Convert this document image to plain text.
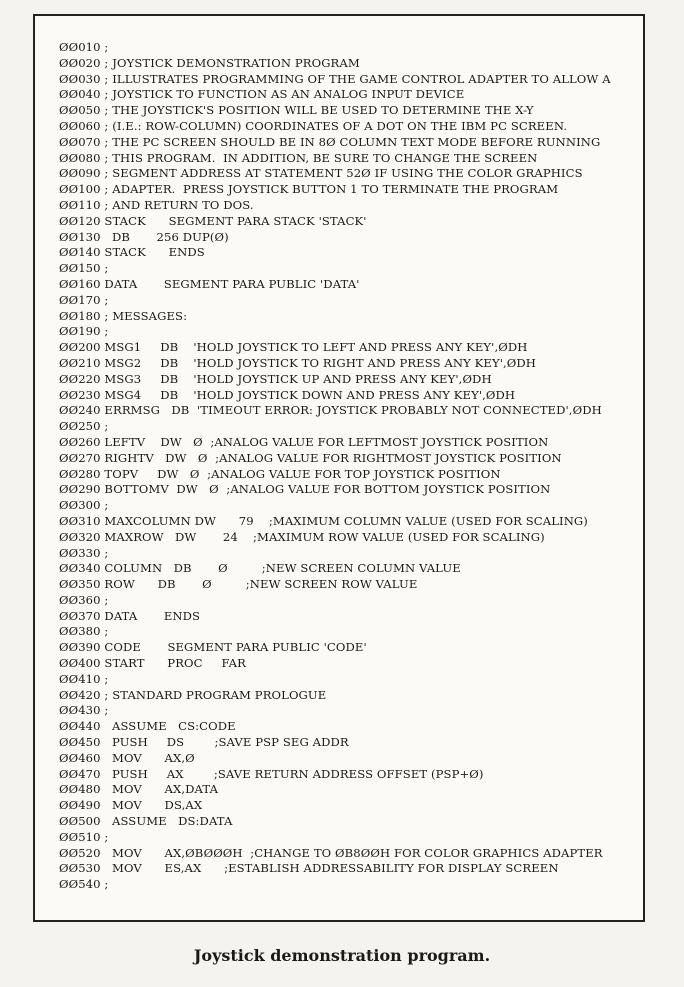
ØØ010 ;
ØØ020 ; JOYSTICK DEMONSTRATION PROGRAM
ØØ030 ; ILLUSTRATES PROGRAMMING OF THE GAME CONTROL ADAPTER TO ALLOW A
ØØ040 ; JOYSTICK TO FUNCTION AS AN ANALOG INPUT DEVICE
ØØ050 ; THE JOYSTICK'S POSITION WILL BE USED TO DETERMINE THE X-Y
ØØ060 ; (I.E.: ROW-COLUMN) COORDINATES OF A DOT ON THE IBM PC SCREEN.
ØØ070 ; THE PC SCREEN SHOULD BE IN 8Ø COLUMN TEXT MODE BEFORE RUNNING
ØØ080 ; THIS PROGRAM.  IN ADDITION, BE SURE TO CHANGE THE SCREEN
ØØ090 ; SEGMENT ADDRESS AT STATEMENT 52Ø IF USING THE COLOR GRAPHICS
ØØ100 ; ADAPTER.  PRESS JOYSTICK BUTTON 1 TO TERMINATE THE PROGRAM
ØØ110 ; AND RETURN TO DOS.
ØØ120 STACK      SEGMENT PARA STACK 'STACK'
ØØ130   DB       256 DUP(Ø)
ØØ140 STACK      ENDS
ØØ150 ;
ØØ160 DATA       SEGMENT PARA PUBLIC 'DATA'
ØØ170 ;
ØØ180 ; MESSAGES:
ØØ190 ;
ØØ200 MSG1     DB    'HOLD JOYSTICK TO LEFT AND PRESS ANY KEY',ØDH
ØØ210 MSG2     DB    'HOLD JOYSTICK TO RIGHT AND PRESS ANY KEY',ØDH
ØØ220 MSG3     DB    'HOLD JOYSTICK UP AND PRESS ANY KEY',ØDH
ØØ230 MSG4     DB    'HOLD JOYSTICK DOWN AND PRESS ANY KEY',ØDH
ØØ240 ERRMSG   DB  'TIMEOUT ERROR: JOYSTICK PROBABLY NOT CONNECTED',ØDH
ØØ250 ;
ØØ260 LEFTV    DW   Ø  ;ANALOG VALUE FOR LEFTMOST JOYSTICK POSITION
ØØ270 RIGHTV   DW   Ø  ;ANALOG VALUE FOR RIGHTMOST JOYSTICK POSITION
ØØ280 TOPV     DW   Ø  ;ANALOG VALUE FOR TOP JOYSTICK POSITION
ØØ290 BOTTOMV  DW   Ø  ;ANALOG VALUE FOR BOTTOM JOYSTICK POSITION
ØØ300 ;
ØØ310 MAXCOLUMN DW      79    ;MAXIMUM COLUMN VALUE (USED FOR SCALING)
ØØ320 MAXROW   DW       24    ;MAXIMUM ROW VALUE (USED FOR SCALING)
ØØ330 ;
ØØ340 COLUMN   DB       Ø         ;NEW SCREEN COLUMN VALUE
ØØ350 ROW      DB       Ø         ;NEW SCREEN ROW VALUE
ØØ360 ;
ØØ370 DATA       ENDS
ØØ380 ;
ØØ390 CODE       SEGMENT PARA PUBLIC 'CODE'
ØØ400 START      PROC     FAR
ØØ410 ;
ØØ420 ; STANDARD PROGRAM PROLOGUE
ØØ430 ;
ØØ440   ASSUME   CS:CODE
ØØ450   PUSH     DS        ;SAVE PSP SEG ADDR
ØØ460   MOV      AX,Ø
ØØ470   PUSH     AX        ;SAVE RETURN ADDRESS OFFSET (PSP+Ø)
ØØ480   MOV      AX,DATA
ØØ490   MOV      DS,AX
ØØ500   ASSUME   DS:DATA
ØØ510 ;
ØØ520   MOV      AX,ØBØØØH  ;CHANGE TO ØB8ØØH FOR COLOR GRAPHICS ADAPTER
ØØ530   MOV      ES,AX      ;ESTABLISH ADDRESSABILITY FOR DISPLAY SCREEN
ØØ540 ;
Joystick demonstration program.
